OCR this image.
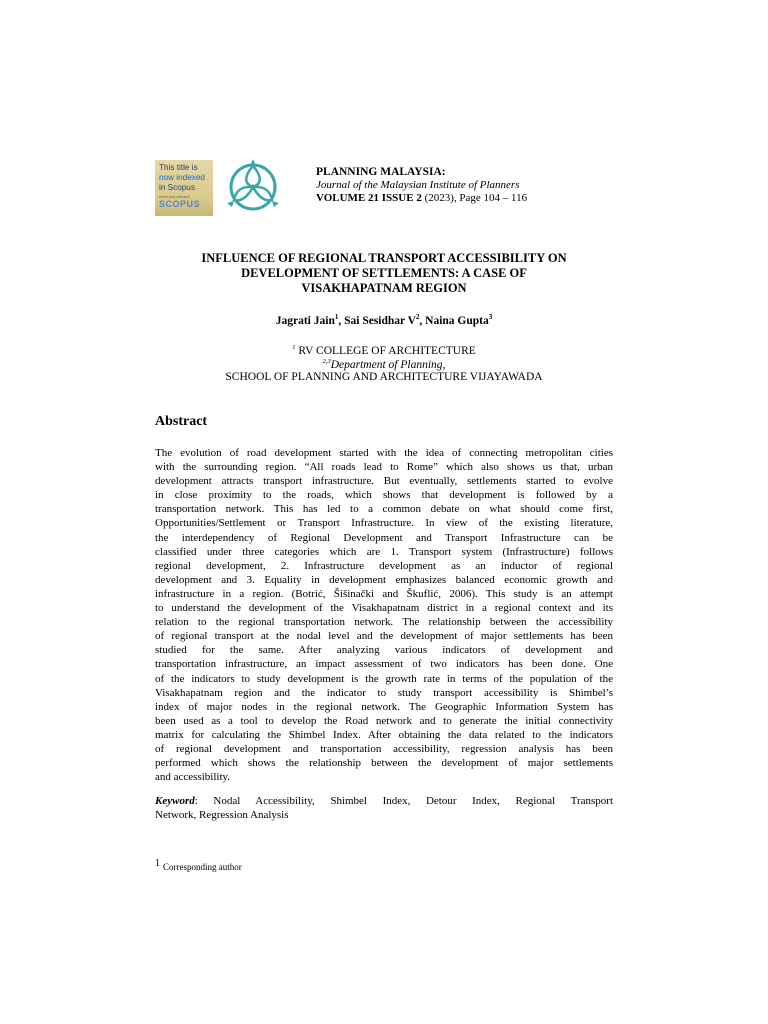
This title is
now indexed
in Scopus
refine your research
SCOPUS
PLANNING MALAYSIA:
Journal of the Malaysian Institute of Planners
VOLUME 21 ISSUE 2 (2023), Page 104 – 116
INFLUENCE OF REGIONAL TRANSPORT ACCESSIBILITY ON
DEVELOPMENT OF SETTLEMENTS: A CASE OF
VISAKHAPATNAM REGION
Jagrati Jain$^1$, Sai Sesidhar $V^2$, Naina Gupta$^3$
$^1$ RV COLLEGE OF ARCHITECTURE
$^{2,3}$Department of Planning,
SCHOOL OF PLANNING AND ARCHITECTURE VIJAYAWADA
Abstract
The evolution of road development started with the idea of connecting metropolitan cities
with the surrounding region. “All roads lead to Rome” which also shows us that, urban
development attracts transport infrastructure. But eventually, settlements started to evolve
in close proximity to the roads, which shows that development is followed by a
transportation network. This has led to a common debate on what should come first,
Opportunities/Settlement or Transport Infrastructure. In view of the existing literature,
the interdependency of Regional Development and Transport Infrastructure can be
classified under three categories which are 1. Transport system (Infrastructure) follows
regional development, 2. Infrastructure development as an inductor of regional
development and 3. Equality in development emphasizes balanced economic growth and
infrastructure in a region. (Botrić, Šišinački and Škuflić, 2006). This study is an attempt
to understand the development of the Visakhapatnam district in a regional context and its
relation to the regional transportation network. The relationship between the accessibility
of regional transport at the nodal level and the development of major settlements has been
studied for the same. After analyzing various indicators of development and
transportation infrastructure, an impact assessment of two indicators has been done. One
of the indicators to study development is the growth rate in terms of the population of the
Visakhapatnam region and the indicator to study transport accessibility is Shimbel’s
index of major nodes in the regional network. The Geographic Information System has
been used as a tool to develop the Road network and to generate the initial connectivity
matrix for calculating the Shimbel Index. After obtaining the data related to the indicators
of regional development and transportation accessibility, regression analysis has been
performed which shows the relationship between the development of major settlements
and accessibility.
Keyword: Nodal Accessibility, Shimbel Index, Detour Index, Regional Transport
Network, Regression Analysis
$^1$ Corresponding author
